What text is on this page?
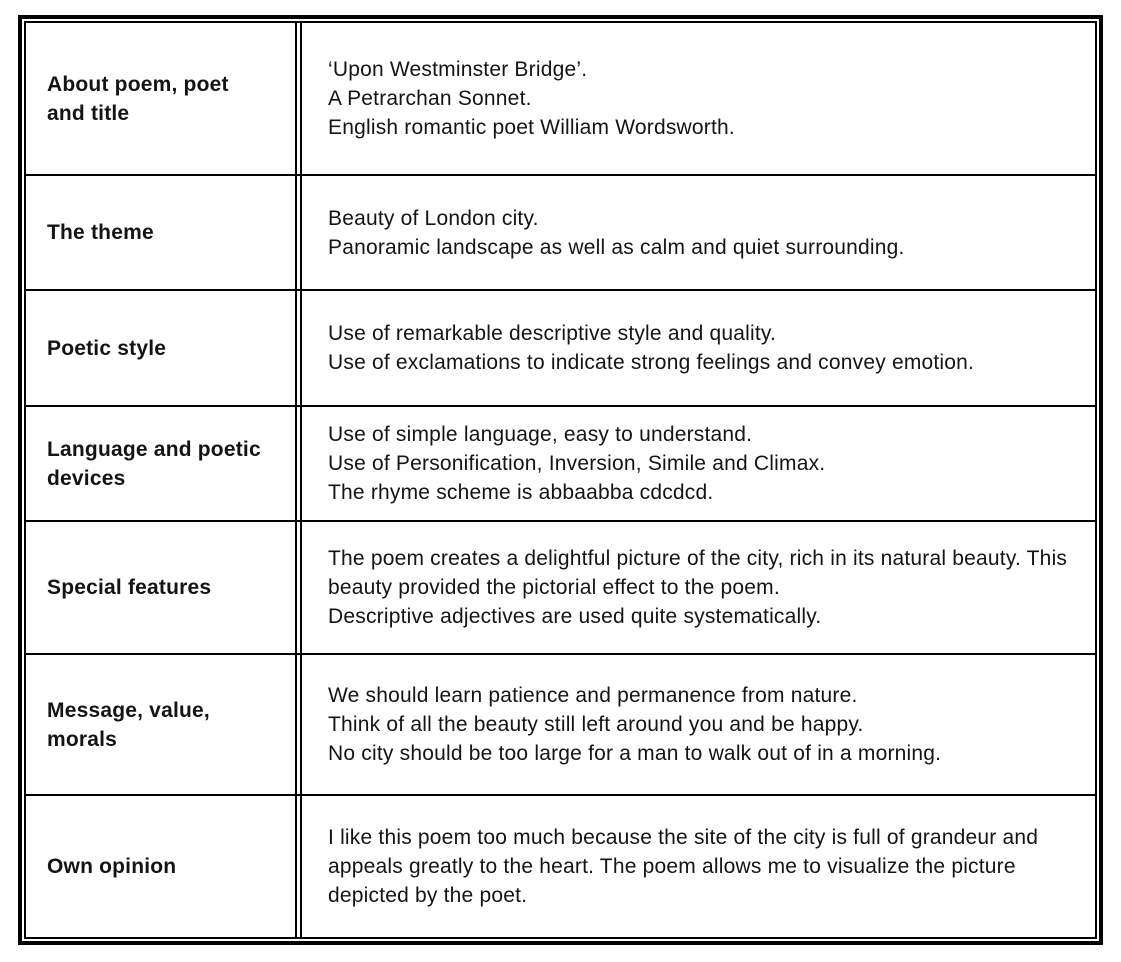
About poem, poet and title
‘Upon Westminster Bridge’.
A Petrarchan Sonnet.
English romantic poet William Wordsworth.
The theme
Beauty of London city.
Panoramic landscape as well as calm and quiet surrounding.
Poetic style
Use of remarkable descriptive style and quality.
Use of exclamations to indicate strong feelings and convey emotion.
Language and poetic devices
Use of simple language, easy to understand.
Use of Personification, Inversion, Simile and Climax.
The rhyme scheme is abbaabba cdcdcd.
Special features
The poem creates a delightful picture of the city, rich in its natural beauty. This beauty provided the pictorial effect to the poem.
Descriptive adjectives are used quite systematically.
Message, value, morals
We should learn patience and permanence from nature.
Think of all the beauty still left around you and be happy.
No city should be too large for a man to walk out of in a morning.
Own opinion
I like this poem too much because the site of the city is full of grandeur and appeals greatly to the heart. The poem allows me to visualize the picture depicted by the poet.
